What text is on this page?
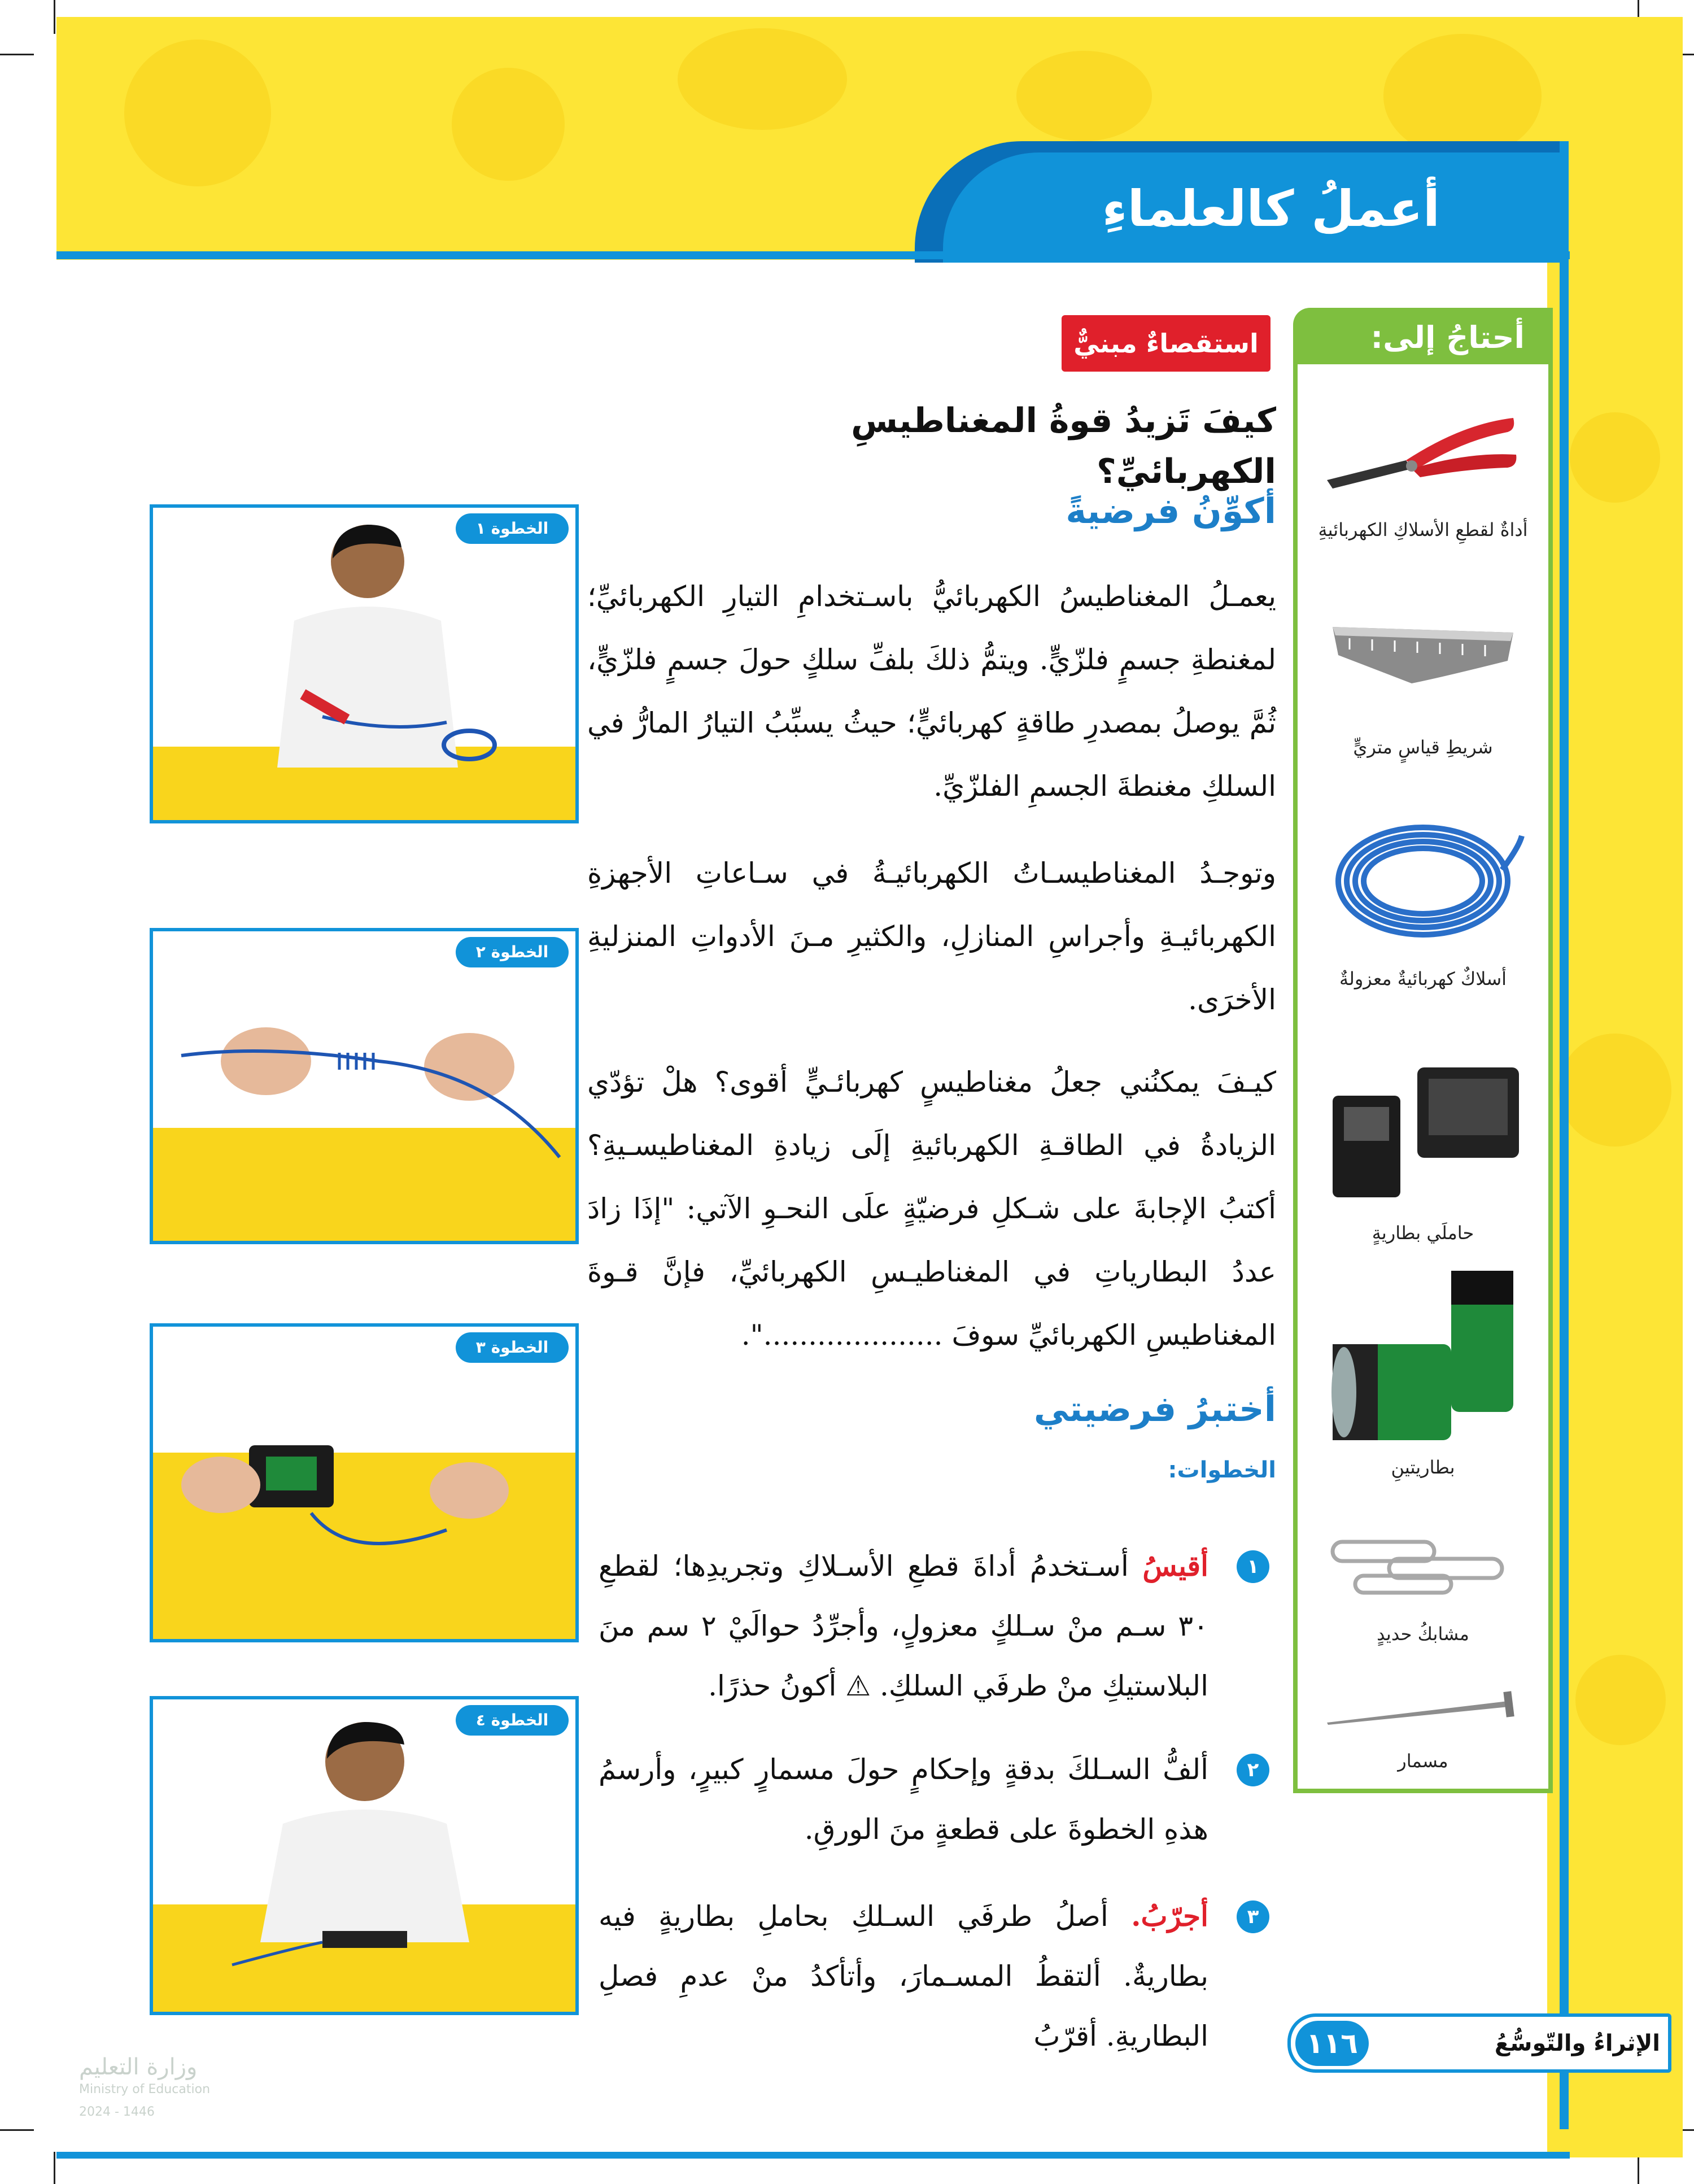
أعملُ كالعلماءِ
أحتاجُ إلى:
أداةٌ لقطعِ الأسلاكِ الكهربائيةِ
شريطِ قياسٍ متريٍّ
أسلاكٌ كهربائيةٌ معزولةٌ
حاملَي بطاريةٍ
بطاريتينِ
مشابكُ حديدٍ
مسمار
استقصاءٌ مبنيٌّ
كيفَ تَزيدُ قوةُ المغناطيسِ الكهربائيِّ؟
أكوِّنُ فرضيةً
يعمـلُ المغناطيسُ الكهربائيُّ باسـتخدامِ التيارِ الكهربائيِّ؛ لمغنطةِ جسمٍ فلزّيٍّ. ويتمُّ ذلكَ بلفِّ سلكٍ حولَ جسمٍ فلزّيٍّ، ثُمَّ يوصلُ بمصدرِ طاقةٍ كهربائيٍّ؛ حيثُ يسبِّبُ التيارُ المارُّ في السلكِ مغنطةَ الجسمِ الفلزّيِّ.
وتوجـدُ المغناطيسـاتُ الكهربائيـةُ في سـاعاتِ الأجهزةِ الكهربائيـةِ وأجراسِ المنازلِ، والكثيرِ مـنَ الأدواتِ المنزليةِ الأخرَى.
كيـفَ يمكنُني جعلُ مغناطيسٍ كهربائـيٍّ أقوى؟ هلْ تؤدّي الزيادةُ في الطاقـةِ الكهربائيةِ إلَى زيادةِ المغناطيسـيةِ؟ أكتبُ الإجابةَ على شـكلِ فرضيّةٍ علَى النحـوِ الآتي: "إذَا زادَ عددُ البطارياتِ في المغناطيـسِ الكهربائيِّ، فإنَّ قـوةَ المغناطيسِ الكهربائيِّ سوفَ ....................".
أختبرُ فرضيتي
الخطوات:
١
أقيسُ أسـتخدمُ أداةَ قطعِ الأسـلاكِ وتجريدِها؛ لقطعِ ٣٠ سـم منْ سـلكٍ معزولٍ، وأجرِّدُ حوالَيْ ٢ سم منَ البلاستيكِ منْ طرفَي السلكِ. ⚠ أكونُ حذرًا.
٢
ألفُّ السـلكَ بدقةٍ وإحكامٍ حولَ مسمارٍ كبيرٍ، وأرسمُ هذهِ الخطوةَ على قطعةٍ منَ الورقِ.
٣
أجرّبُ. أصلُ طرفَي السـلكِ بحاملِ بطاريةٍ فيه بطاريةٌ. ألتقطُ المسـمارَ، وأتأكدُ منْ عدمِ فصلِ البطاريةِ. أقرّبُ
الخطوة ١
الخطوة ٢
الخطوة ٣
الخطوة ٤
١١٦	الإثراءُ والتّوسُّعُ
وزارة التعليم
Ministry of Education
2024 - 1446
